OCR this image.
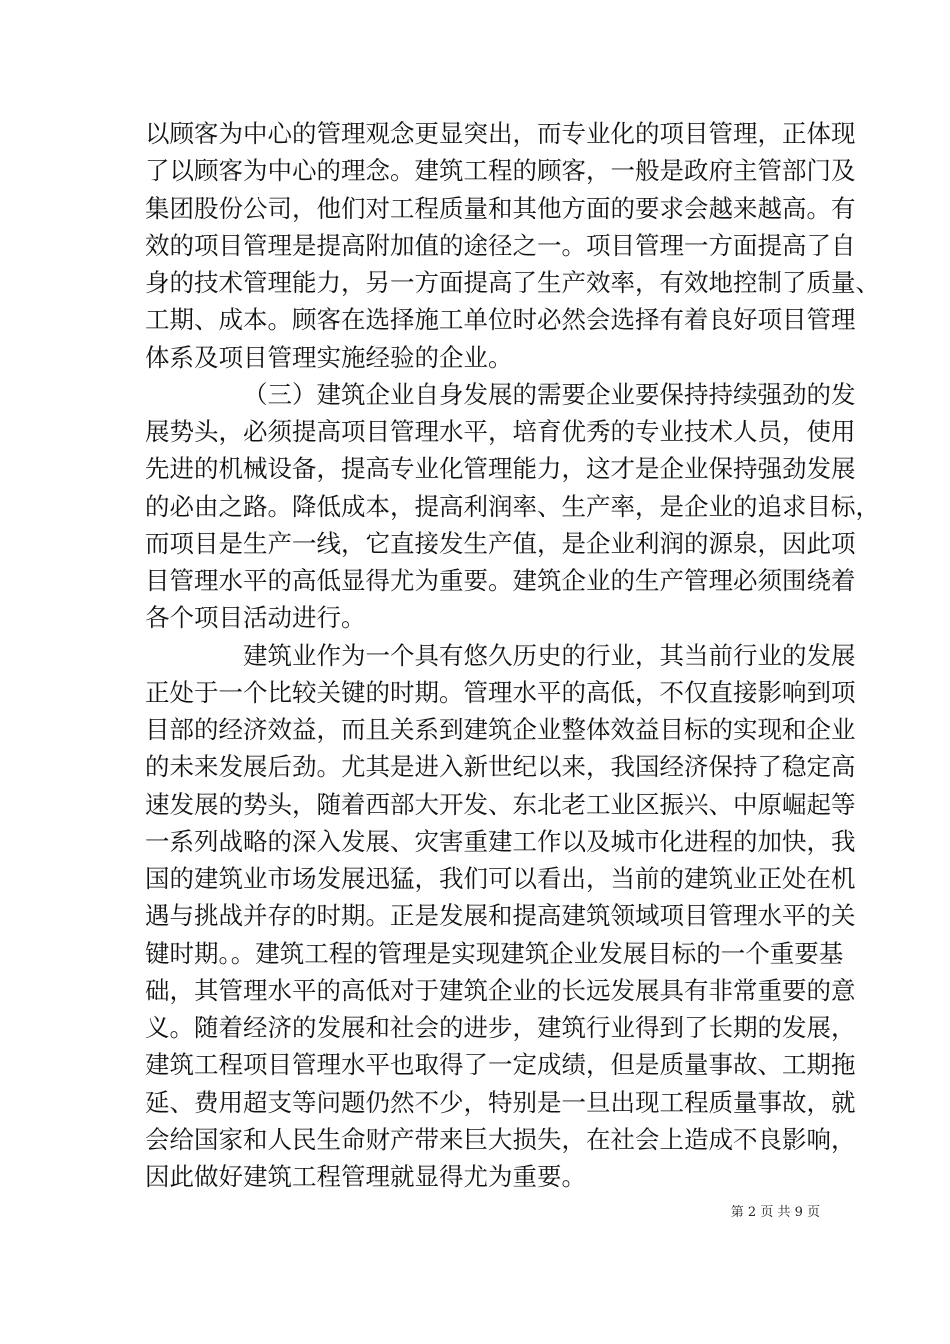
以顾客为中心的管理观念更显突出，而专业化的项目管理，正体现
了以顾客为中心的理念。建筑工程的顾客，一般是政府主管部门及
集团股份公司，他们对工程质量和其他方面的要求会越来越高。有
效的项目管理是提高附加值的途径之一。项目管理一方面提高了自
身的技术管理能力，另一方面提高了生产效率，有效地控制了质量、
工期、成本。顾客在选择施工单位时必然会选择有着良好项目管理
体系及项目管理实施经验的企业。
（三）建筑企业自身发展的需要企业要保持持续强劲的发
展势头，必须提高项目管理水平，培育优秀的专业技术人员，使用
先进的机械设备，提高专业化管理能力，这才是企业保持强劲发展
的必由之路。降低成本，提高利润率、生产率，是企业的追求目标，
而项目是生产一线，它直接发生产值，是企业利润的源泉，因此项
目管理水平的高低显得尤为重要。建筑企业的生产管理必须围绕着
各个项目活动进行。
建筑业作为一个具有悠久历史的行业，其当前行业的发展
正处于一个比较关键的时期。管理水平的高低，不仅直接影响到项
目部的经济效益，而且关系到建筑企业整体效益目标的实现和企业
的未来发展后劲。尤其是进入新世纪以来，我国经济保持了稳定高
速发展的势头，随着西部大开发、东北老工业区振兴、中原崛起等
一系列战略的深入发展、灾害重建工作以及城市化进程的加快，我
国的建筑业市场发展迅猛，我们可以看出，当前的建筑业正处在机
遇与挑战并存的时期。正是发展和提高建筑领域项目管理水平的关
键时期。。建筑工程的管理是实现建筑企业发展目标的一个重要基
础，其管理水平的高低对于建筑企业的长远发展具有非常重要的意
义。随着经济的发展和社会的进步，建筑行业得到了长期的发展，
建筑工程项目管理水平也取得了一定成绩，但是质量事故、工期拖
延、费用超支等问题仍然不少，特别是一旦出现工程质量事故，就
会给国家和人民生命财产带来巨大损失，在社会上造成不良影响，
因此做好建筑工程管理就显得尤为重要。
第 2 页 共 9 页
